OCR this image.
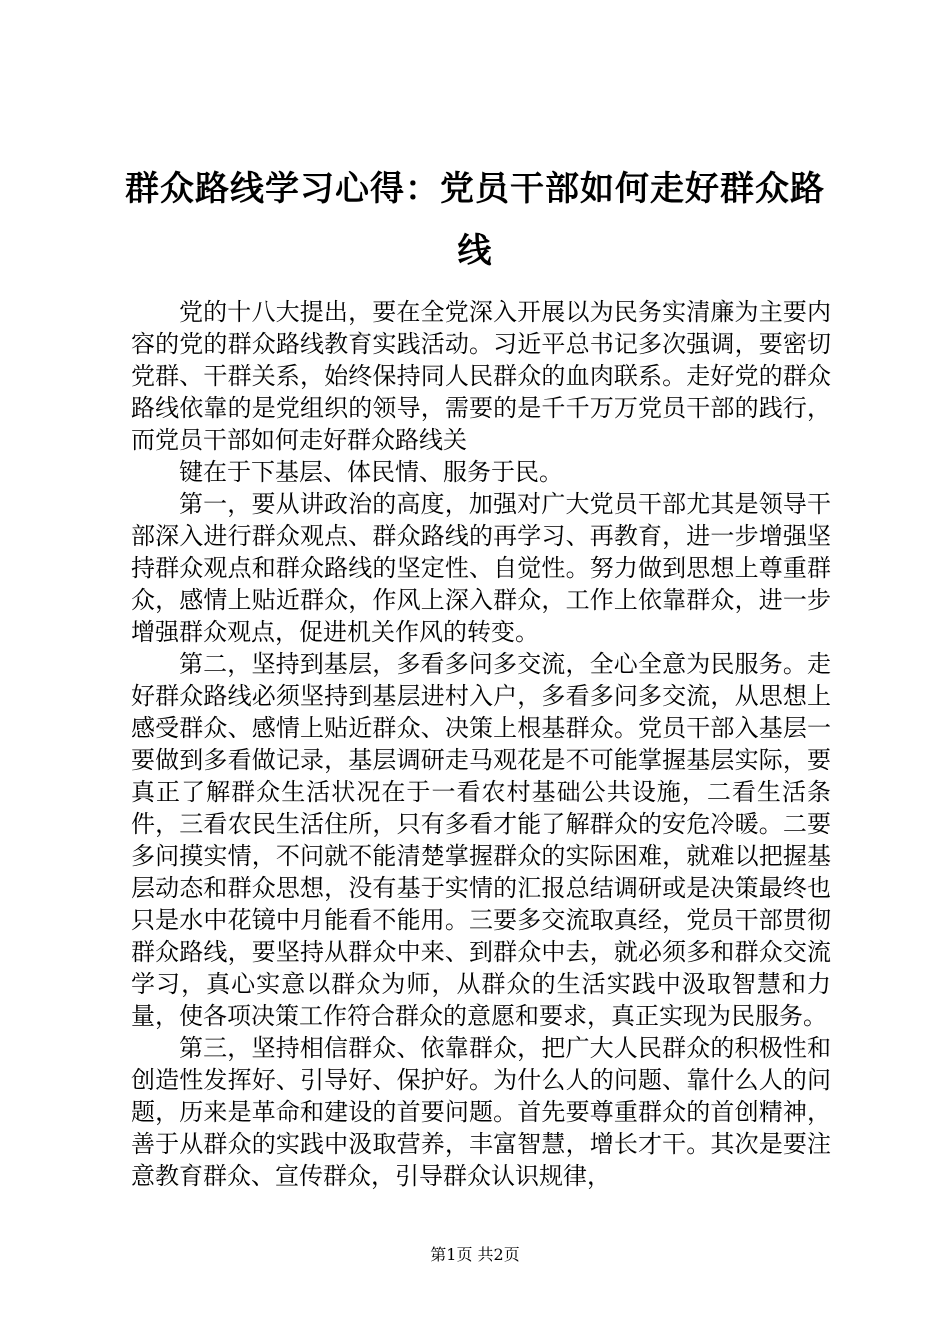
群众路线学习心得：党员干部如何走好群众路线

党的十八大提出，要在全党深入开展以为民务实清廉为主要内容的党的群众路线教育实践活动。习近平总书记多次强调，要密切党群、干群关系，始终保持同人民群众的血肉联系。走好党的群众路线依靠的是党组织的领导，需要的是千千万万党员干部的践行，而党员干部如何走好群众路线关

键在于下基层、体民情、服务于民。

第一，要从讲政治的高度，加强对广大党员干部尤其是领导干部深入进行群众观点、群众路线的再学习、再教育，进一步增强坚持群众观点和群众路线的坚定性、自觉性。努力做到思想上尊重群众，感情上贴近群众，作风上深入群众，工作上依靠群众，进一步增强群众观点，促进机关作风的转变。

第二，坚持到基层，多看多问多交流，全心全意为民服务。走好群众路线必须坚持到基层进村入户，多看多问多交流，从思想上感受群众、感情上贴近群众、决策上根基群众。党员干部入基层一要做到多看做记录，基层调研走马观花是不可能掌握基层实际，要真正了解群众生活状况在于一看农村基础公共设施，二看生活条件，三看农民生活住所，只有多看才能了解群众的安危冷暖。二要多问摸实情，不问就不能清楚掌握群众的实际困难，就难以把握基层动态和群众思想，没有基于实情的汇报总结调研或是决策最终也只是水中花镜中月能看不能用。三要多交流取真经，党员干部贯彻群众路线，要坚持从群众中来、到群众中去，就必须多和群众交流学习，真心实意以群众为师，从群众的生活实践中汲取智慧和力量，使各项决策工作符合群众的意愿和要求，真正实现为民服务。

第三，坚持相信群众、依靠群众，把广大人民群众的积极性和创造性发挥好、引导好、保护好。为什么人的问题、靠什么人的问题，历来是革命和建设的首要问题。首先要尊重群众的首创精神，善于从群众的实践中汲取营养，丰富智慧，增长才干。其次是要注意教育群众、宣传群众，引导群众认识规律，

第1页 共2页
